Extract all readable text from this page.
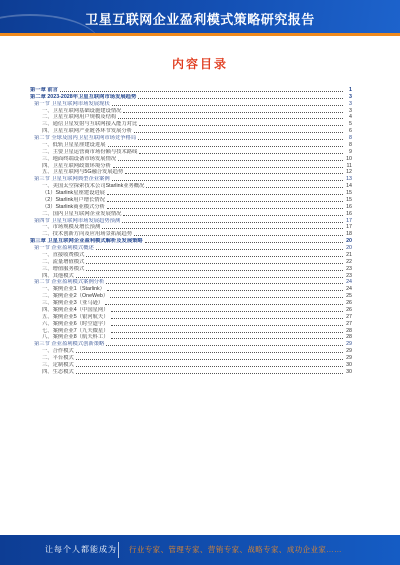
卫星互联网企业盈利模式策略研究报告
内容目录
第一章 前言	1
第二章 2023-2028年卫星互联网市场发展趋势	3
第一节 卫星互联网市场发展现状	3
一、卫星互联网基础设施建设情况	3
二、卫星互联网用户规模及结构	4
三、通信卫星发射与互联网接入能力对比	5
四、卫星互联网产业链各环节发展分析	6
第二节 全球及国内卫星互联网市场竞争格局	8
一、低轨卫星星座建设进展	8
二、主要卫星运营商市场份额与技术路线	9
三、地面终端设备市场发展情况	10
四、卫星互联网政策环境分析	11
五、卫星互联网与5G融合发展趋势	12
第三节 卫星互联网典型企业案例	13
一、美国太空探索技术公司Starlink业务概况	14
（1）Starlink星座建设进展	15
（2）Starlink用户增长情况	15
（3）Starlink商业模式分析	16
二、国内卫星互联网企业发展情况	16
第四节 卫星互联网市场发展趋势预测	17
一、市场规模及增长预测	17
二、技术创新方向及应用场景拓展趋势	18
第三章 卫星互联网企业盈利模式解析及发展策略	20
第一节 企业盈利模式概述	20
一、直接收费模式	21
二、流量增值模式	22
三、增值服务模式	23
四、其他模式	23
第二节 企业盈利模式案例分析	24
一、案例企业1（Starlink）	24
二、案例企业2（OneWeb）	25
三、案例企业3（亚马逊）	26
四、案例企业4（中国星网）	26
五、案例企业5（银河航天）	27
六、案例企业6（时空道宇）	27
七、案例企业7（九天微星）	28
八、案例企业8（航天科工）	28
第三节 企业盈利模式创新策略	29
一、合作模式	29
二、平台模式	29
三、定制模式	30
四、生态模式	30
让每个人都能成为 行业专家、管理专家、营销专家、战略专家、成功企业家……
